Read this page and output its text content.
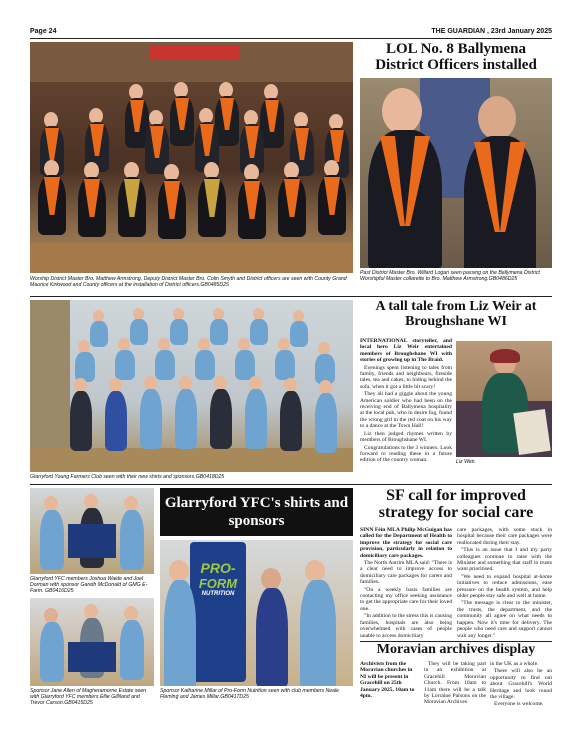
Page 24	THE GUARDIAN , 23rd January 2025
Worship District Master Bro. Matthew Armstrong, Deputy District Master Bro. Colin Smyth and District officers are seen with County Grand Maurice Kirkwood and County officers at the installation of District officers.GB0485D25
LOL No. 8 Ballymena District Officers installed
Past District Master Bro. Willard Logan seen passing on the Ballymena District Worshipful Master collarette to Bro. Matthew Armstrong.GB0486D25
Glarryford Young Farmers Club seen with their new shirts and sponsors.GB0418D25
A tall tale from Liz Weir at Broughshane WI

INTERNATIONAL storyteller, and local hero Liz Weir entertained members of Broughshane WI with stories of growing up in The Braid.

Evenings spent listening to tales from family, friends and neighbours, fireside tales, tea and cakes, to hiding behind the sofa, when it got a little bit scary!

They all had a giggle about the young American soldier who had been on the receiving end of Ballymena hospitality at the local pub, who in desire fog, found the wrong girl in the red coat on his way to a dance at the Town Hall!

Liz then judged rhymes written by members of Broughshane WI.

Congratulations to the 3 winners. Look forward to reading these in a future edition of the country woman.	Liz Weir.
Glarryford YFC members Joshua Waide and Joel Dorman with sponsor Gareth McDonald of GMG E-Farm. GB0416D25
Sponsor Jane Allen of Magheramorne Estate seen with Glarryford YFC members Ellie Gilliland and Trevor Carson.GB0415D25
Glarryford YFC's shirts and sponsors
PRO-
FORM
NUTRITION
Sponsor Katharine Millar of Pro-Form Nutrition seen with club members Neale Fleming and James Millar.GB0417D25
SF call for improved strategy for social care

SINN Féin MLA Philip McGuigan has called for the Department of Health to improve the strategy for social care provision, particularly in relation to domiciliary care packages.

The North Antrim MLA said: "There is a clear need to improve access to domiciliary care packages for carers and families.

"On a weekly basis families are contacting my office seeking assistance to get the appropriate care for their loved one.

"In addition to the stress this is causing families, hospitals are also being overwhelmed with cases of people unable to access domiciliary

care packages, with some stuck in hospital because their care packages were reallocated during their stay.

"This is an issue that I and my party colleagues continue to raise with the Minister and something that staff in trusts want prioritised.

"We need to expand hospital at-home initiatives to reduce admissions, ease pressure on the health system, and help older people stay safe and well at home.

"The message is clear to the minister, the trusts, the department, and the community all agree on what needs to happen. Now it's time for delivery. The people who need care and support cannot wait any longer."

Moravian archives display

Archivists from the Moravian churches in NI will be present in Gracehill on 25th January 2025, 10am to 4pm.

They will be taking part in an exhibition at Gracehill Moravian Church. From 10am to 11am there will be a talk by Lorraine Parsons on the Moravian Archives

in the UK as a whole.

There will also be an opportunity to find out about Gracehill's World Heritage and look round the village.

Everyone is welcome.
